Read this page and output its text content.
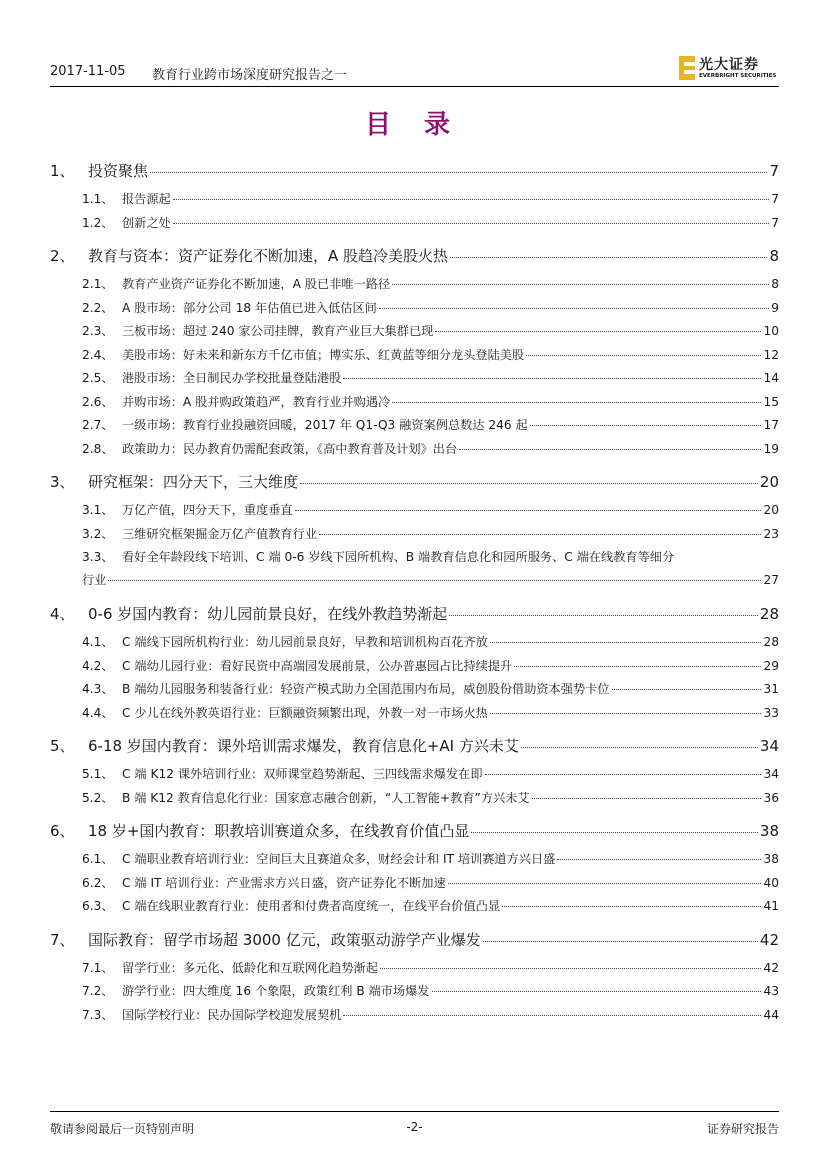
2017-11-05 教育行业跨市场深度研究报告之一
光大证券
EVERBRIGHT SECURITIES
目 录
1、 投资聚焦	7
1.1、 报告源起	7
1.2、 创新之处	7
2、 教育与资本：资产证券化不断加速，A 股趋冷美股火热	8
2.1、 教育产业资产证券化不断加速，A 股已非唯一路径	8
2.2、 A 股市场：部分公司 18 年估值已进入低估区间	9
2.3、 三板市场：超过 240 家公司挂牌，教育产业巨大集群已现	10
2.4、 美股市场：好未来和新东方千亿市值；博实乐、红黄蓝等细分龙头登陆美股	12
2.5、 港股市场：全日制民办学校批量登陆港股	14
2.6、 并购市场：A 股并购政策趋严，教育行业并购遇冷	15
2.7、 一级市场：教育行业投融资回暖，2017 年 Q1-Q3 融资案例总数达 246 起	17
2.8、 政策助力：民办教育仍需配套政策，《高中教育普及计划》出台	19
3、 研究框架：四分天下，三大维度	20
3.1、 万亿产值，四分天下，重度垂直	20
3.2、 三维研究框架掘金万亿产值教育行业	23
3.3、 看好全年龄段线下培训、C 端 0-6 岁线下园所机构、B 端教育信息化和园所服务、C 端在线教育等细分
行业	27
4、 0-6 岁国内教育：幼儿园前景良好，在线外教趋势渐起	28
4.1、 C 端线下园所机构行业：幼儿园前景良好，早教和培训机构百花齐放	28
4.2、 C 端幼儿园行业：看好民资中高端园发展前景，公办普惠园占比持续提升	29
4.3、 B 端幼儿园服务和装备行业：轻资产模式助力全国范围内布局，威创股份借助资本强势卡位	31
4.4、 C 少儿在线外教英语行业：巨额融资频繁出现，外教一对一市场火热	33
5、 6-18 岁国内教育：课外培训需求爆发，教育信息化+AI 方兴未艾	34
5.1、 C 端 K12 课外培训行业：双师课堂趋势渐起、三四线需求爆发在即	34
5.2、 B 端 K12 教育信息化行业：国家意志融合创新，“人工智能+教育”方兴未艾	36
6、 18 岁+国内教育：职教培训赛道众多，在线教育价值凸显	38
6.1、 C 端职业教育培训行业：空间巨大且赛道众多，财经会计和 IT 培训赛道方兴日盛	38
6.2、 C 端 IT 培训行业：产业需求方兴日盛，资产证券化不断加速	40
6.3、 C 端在线职业教育行业：使用者和付费者高度统一，在线平台价值凸显	41
7、 国际教育：留学市场超 3000 亿元，政策驱动游学产业爆发	42
7.1、 留学行业：多元化、低龄化和互联网化趋势渐起	42
7.2、 游学行业：四大维度 16 个象限，政策红利 B 端市场爆发	43
7.3、 国际学校行业：民办国际学校迎发展契机	44
敬请参阅最后一页特别声明	-2-	证券研究报告
